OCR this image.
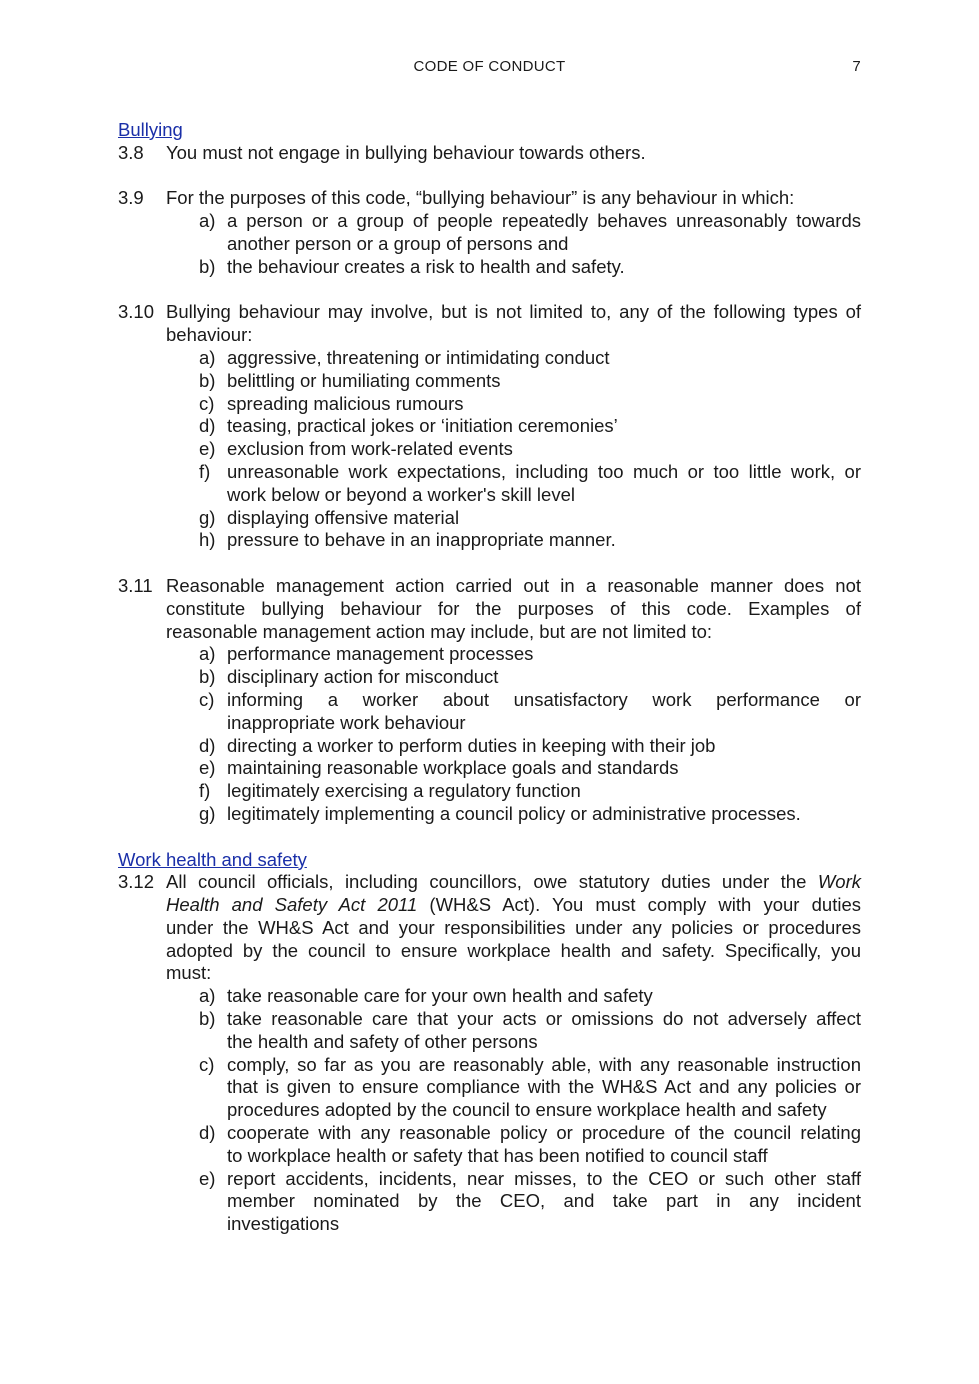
CODE OF CONDUCT	7
Bullying
3.8	You must not engage in bullying behaviour towards others.
3.9	For the purposes of this code, “bullying behaviour” is any behaviour in which:
a) a person or a group of people repeatedly behaves unreasonably towards
another person or a group of persons and
b) the behaviour creates a risk to health and safety.
3.10 Bullying behaviour may involve, but is not limited to, any of the following types of
behaviour:
a) aggressive, threatening or intimidating conduct
b) belittling or humiliating comments
c) spreading malicious rumours
d) teasing, practical jokes or ‘initiation ceremonies’
e) exclusion from work-related events
f) unreasonable work expectations, including too much or too little work, or
work below or beyond a worker's skill level
g) displaying offensive material
h) pressure to behave in an inappropriate manner.
3.11 Reasonable management action carried out in a reasonable manner does not
constitute bullying behaviour for the purposes of this code. Examples of
reasonable management action may include, but are not limited to:
a) performance management processes
b) disciplinary action for misconduct
c) informing a worker about unsatisfactory work performance or
inappropriate work behaviour
d) directing a worker to perform duties in keeping with their job
e) maintaining reasonable workplace goals and standards
f) legitimately exercising a regulatory function
g) legitimately implementing a council policy or administrative processes.
Work health and safety
3.12 All council officials, including councillors, owe statutory duties under the Work
Health and Safety Act 2011 (WH&S Act). You must comply with your duties
under the WH&S Act and your responsibilities under any policies or procedures
adopted by the council to ensure workplace health and safety. Specifically, you
must:
a) take reasonable care for your own health and safety
b) take reasonable care that your acts or omissions do not adversely affect
the health and safety of other persons
c) comply, so far as you are reasonably able, with any reasonable instruction
that is given to ensure compliance with the WH&S Act and any policies or
procedures adopted by the council to ensure workplace health and safety
d) cooperate with any reasonable policy or procedure of the council relating
to workplace health or safety that has been notified to council staff
e) report accidents, incidents, near misses, to the CEO or such other staff
member nominated by the CEO, and take part in any incident
investigations
